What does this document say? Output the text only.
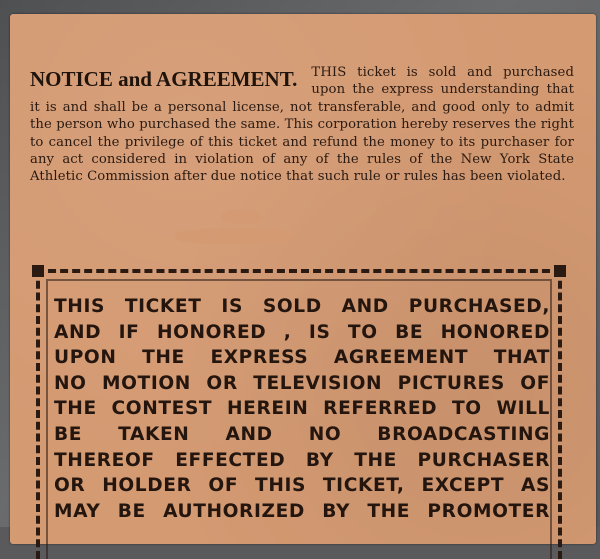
NOTICE and AGREEMENT. THIS ticket is sold and purchased upon the express understanding that it is and shall be a personal license, not transferable, and good only to admit the person who purchased the same. This corporation hereby reserves the right to cancel the privilege of this ticket and refund the money to its purchaser for any act considered in violation of any of the rules of the New York State Athletic Commission after due notice that such rule or rules has been violated.
THIS TICKET IS SOLD AND PURCHASED,
AND IF HONORED , IS TO BE HONORED
UPON THE EXPRESS AGREEMENT THAT
NO MOTION OR TELEVISION PICTURES OF
THE CONTEST HEREIN REFERRED TO WILL
BE TAKEN AND NO BROADCASTING
THEREOF EFFECTED BY THE PURCHASER
OR HOLDER OF THIS TICKET, EXCEPT AS
MAY BE AUTHORIZED BY THE PROMOTER
